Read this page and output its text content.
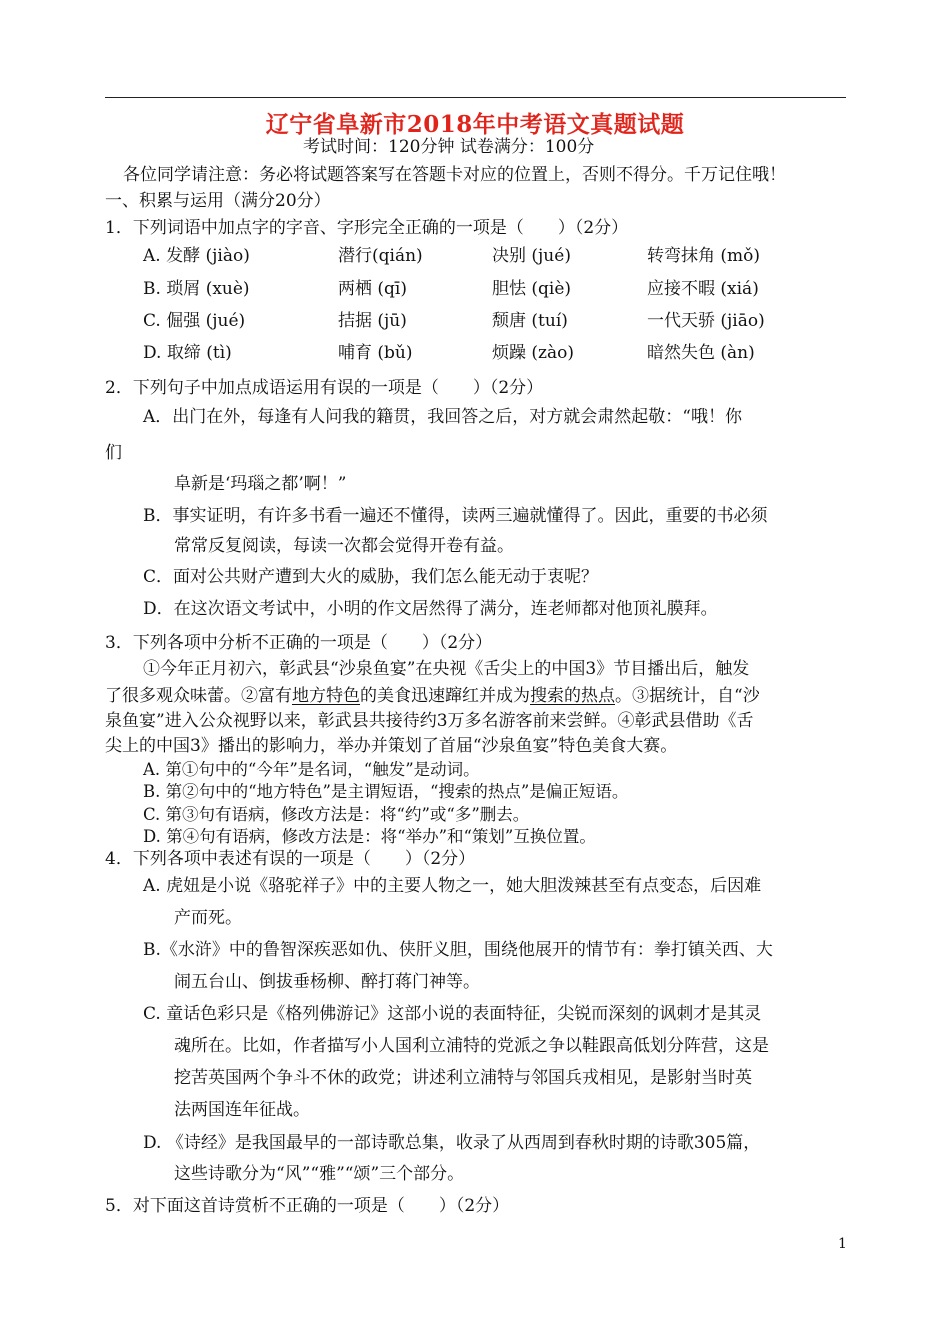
辽宁省阜新市2018年中考语文真题试题
考试时间：120分钟 试卷满分：100分
各位同学请注意：务必将试题答案写在答题卡对应的位置上，否则不得分。千万记住哦！
一、积累与运用（满分20分）
1．下列词语中加点字的字音、字形完全正确的一项是（　　）（2分）
A. 发酵 (jiào)	潜行(qián)	决别 (jué)	转弯抹角 (mǒ)
B. 琐屑 (xuè)	两栖 (qī)	胆怯 (qiè)	应接不暇 (xiá)
C. 倔强 (jué)	拮据 (jū)	颓唐 (tuí)	一代天骄 (jiāo)
D. 取缔 (tì)	哺育 (bǔ)	烦躁 (zào)	暗然失色 (àn)
2．下列句子中加点成语运用有误的一项是（　　）（2分）
A．出门在外，每逢有人问我的籍贯，我回答之后，对方就会肃然起敬：“哦！你
们
阜新是‘玛瑙之都’啊！”
B．事实证明，有许多书看一遍还不懂得，读两三遍就懂得了。因此，重要的书必须
常常反复阅读，每读一次都会觉得开卷有益。
C．面对公共财产遭到大火的威胁，我们怎么能无动于衷呢？
D．在这次语文考试中，小明的作文居然得了满分，连老师都对他顶礼膜拜。
3．下列各项中分析不正确的一项是（　　）（2分）
①今年正月初六，彰武县“沙泉鱼宴”在央视《舌尖上的中国3》节目播出后，触发
了很多观众味蕾。②富有地方特色的美食迅速蹿红并成为搜索的热点。③据统计，自“沙
泉鱼宴”进入公众视野以来，彰武县共接待约3万多名游客前来尝鲜。④彰武县借助《舌
尖上的中国3》播出的影响力，举办并策划了首届“沙泉鱼宴”特色美食大赛。
A. 第①句中的“今年”是名词，“触发”是动词。
B. 第②句中的“地方特色”是主谓短语，“搜索的热点”是偏正短语。
C. 第③句有语病，修改方法是：将“约”或“多”删去。
D. 第④句有语病，修改方法是：将“举办”和“策划”互换位置。
4．下列各项中表述有误的一项是（　　）（2分）
A. 虎妞是小说《骆驼祥子》中的主要人物之一，她大胆泼辣甚至有点变态，后因难
产而死。
B.《水浒》中的鲁智深疾恶如仇、侠肝义胆，围绕他展开的情节有：拳打镇关西、大
闹五台山、倒拔垂杨柳、醉打蒋门神等。
C. 童话色彩只是《格列佛游记》这部小说的表面特征，尖锐而深刻的讽刺才是其灵
魂所在。比如，作者描写小人国利立浦特的党派之争以鞋跟高低划分阵营，这是
挖苦英国两个争斗不休的政党；讲述利立浦特与邻国兵戎相见，是影射当时英
法两国连年征战。
D. 《诗经》是我国最早的一部诗歌总集，收录了从西周到春秋时期的诗歌305篇，
这些诗歌分为“风”“雅”“颂”三个部分。
5．对下面这首诗赏析不正确的一项是（　　）（2分）
1
